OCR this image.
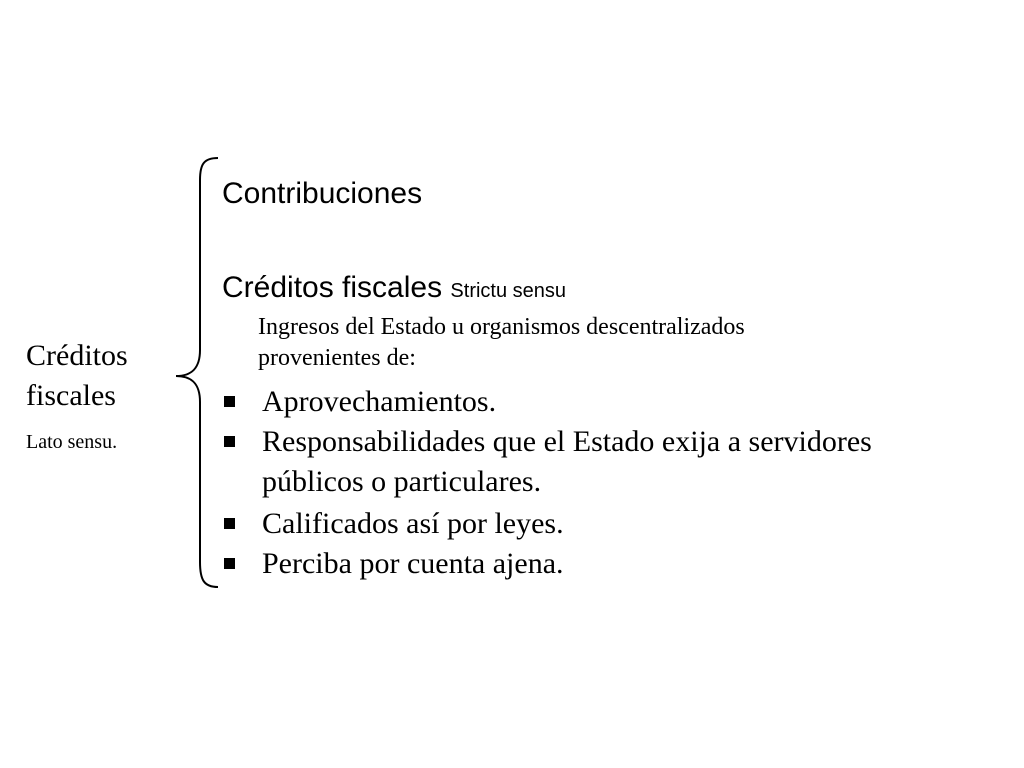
Créditos
fiscales
Lato sensu.
Contribuciones
Créditos fiscales Strictu sensu
Ingresos del Estado u organismos descentralizados
provenientes de:
Aprovechamientos.
Responsabilidades que el Estado exija a servidores
públicos o particulares.
Calificados así por leyes.
Perciba por cuenta ajena.
